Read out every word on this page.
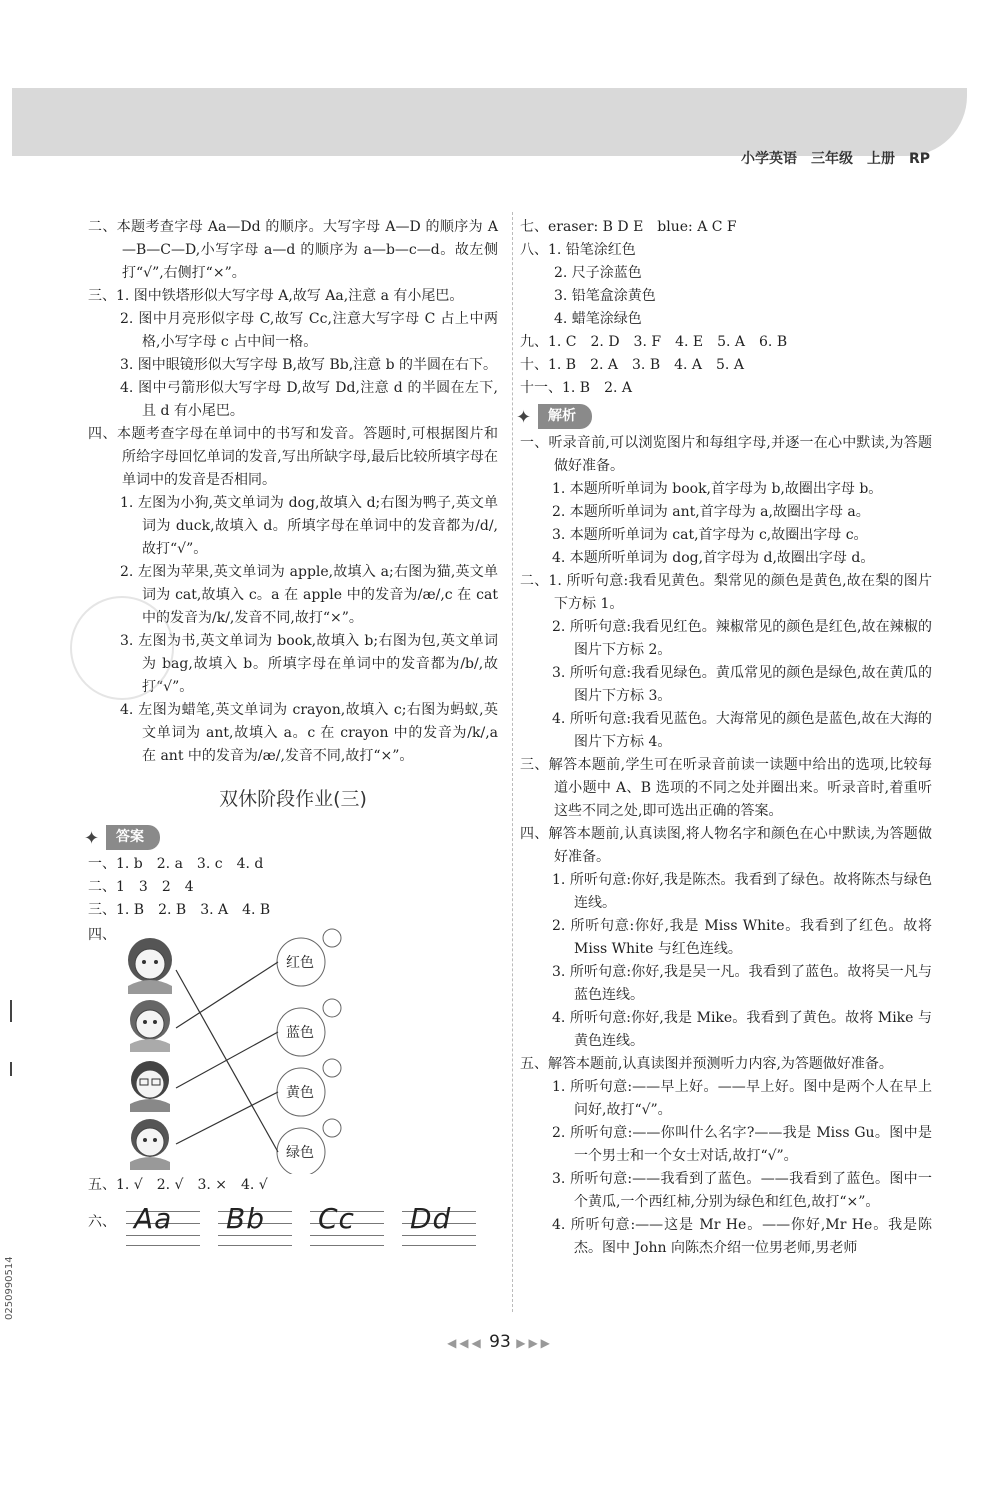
小学英语　三年级　上册　RP

二、本题考查字母 Aa—Dd 的顺序。大写字母 A—D 的顺序为 A—B—C—D,小写字母 a—d 的顺序为 a—b—c—d。故左侧打“√”,右侧打“×”。

三、1. 图中铁塔形似大写字母 A,故写 Aa,注意 a 有小尾巴。

2. 图中月亮形似字母 C,故写 Cc,注意大写字母 C 占上中两格,小写字母 c 占中间一格。

3. 图中眼镜形似大写字母 B,故写 Bb,注意 b 的半圆在右下。

4. 图中弓箭形似大写字母 D,故写 Dd,注意 d 的半圆在左下,且 d 有小尾巴。

四、本题考查字母在单词中的书写和发音。答题时,可根据图片和所给字母回忆单词的发音,写出所缺字母,最后比较所填字母在单词中的发音是否相同。

1. 左图为小狗,英文单词为 dog,故填入 d;右图为鸭子,英文单词为 duck,故填入 d。所填字母在单词中的发音都为/d/,故打“√”。

2. 左图为苹果,英文单词为 apple,故填入 a;右图为猫,英文单词为 cat,故填入 c。a 在 apple 中的发音为/æ/,c 在 cat 中的发音为/k/,发音不同,故打“×”。

3. 左图为书,英文单词为 book,故填入 b;右图为包,英文单词为 bag,故填入 b。所填字母在单词中的发音都为/b/,故打“√”。

4. 左图为蜡笔,英文单词为 crayon,故填入 c;右图为蚂蚁,英文单词为 ant,故填入 a。c 在 crayon 中的发音为/k/,a 在 ant 中的发音为/æ/,发音不同,故打“×”。

双休阶段作业(三)
✦ 答案

一、1. b　2. a　3. c　4. d

二、1　3　2　4

三、1. B　2. B　3. A　4. B

四、
红色
蓝色
黄色
绿色

五、1. √　2. √　3. ×　4. √

六、 Aa Bb Cc Dd

七、eraser: B D E　blue: A C F

八、1. 铅笔涂红色

2. 尺子涂蓝色

3. 铅笔盒涂黄色

4. 蜡笔涂绿色

九、1. C　2. D　3. F　4. E　5. A　6. B

十、1. B　2. A　3. B　4. A　5. A

十一、1. B　2. A

✦ 解析

一、听录音前,可以浏览图片和每组字母,并逐一在心中默读,为答题做好准备。

1. 本题所听单词为 book,首字母为 b,故圈出字母 b。

2. 本题所听单词为 ant,首字母为 a,故圈出字母 a。

3. 本题所听单词为 cat,首字母为 c,故圈出字母 c。

4. 本题所听单词为 dog,首字母为 d,故圈出字母 d。

二、1. 所听句意:我看见黄色。梨常见的颜色是黄色,故在梨的图片下方标 1。

2. 所听句意:我看见红色。辣椒常见的颜色是红色,故在辣椒的图片下方标 2。

3. 所听句意:我看见绿色。黄瓜常见的颜色是绿色,故在黄瓜的图片下方标 3。

4. 所听句意:我看见蓝色。大海常见的颜色是蓝色,故在大海的图片下方标 4。

三、解答本题前,学生可在听录音前读一读题中给出的选项,比较每道小题中 A、B 选项的不同之处并圈出来。听录音时,着重听这些不同之处,即可选出正确的答案。

四、解答本题前,认真读图,将人物名字和颜色在心中默读,为答题做好准备。

1. 所听句意:你好,我是陈杰。我看到了绿色。故将陈杰与绿色连线。

2. 所听句意:你好,我是 Miss White。我看到了红色。故将 Miss White 与红色连线。

3. 所听句意:你好,我是吴一凡。我看到了蓝色。故将吴一凡与蓝色连线。

4. 所听句意:你好,我是 Mike。我看到了黄色。故将 Mike 与黄色连线。

五、解答本题前,认真读图并预测听力内容,为答题做好准备。

1. 所听句意:——早上好。——早上好。图中是两个人在早上问好,故打“√”。

2. 所听句意:——你叫什么名字?——我是 Miss Gu。图中是一个男士和一个女士对话,故打“√”。

3. 所听句意:——我看到了蓝色。——我看到了蓝色。图中一个黄瓜,一个西红柿,分别为绿色和红色,故打“×”。

4. 所听句意:——这是 Mr He。——你好,Mr He。我是陈杰。图中 John 向陈杰介绍一位男老师,男老师

◀◀◀ 93 ▶▶▶
0250990514
